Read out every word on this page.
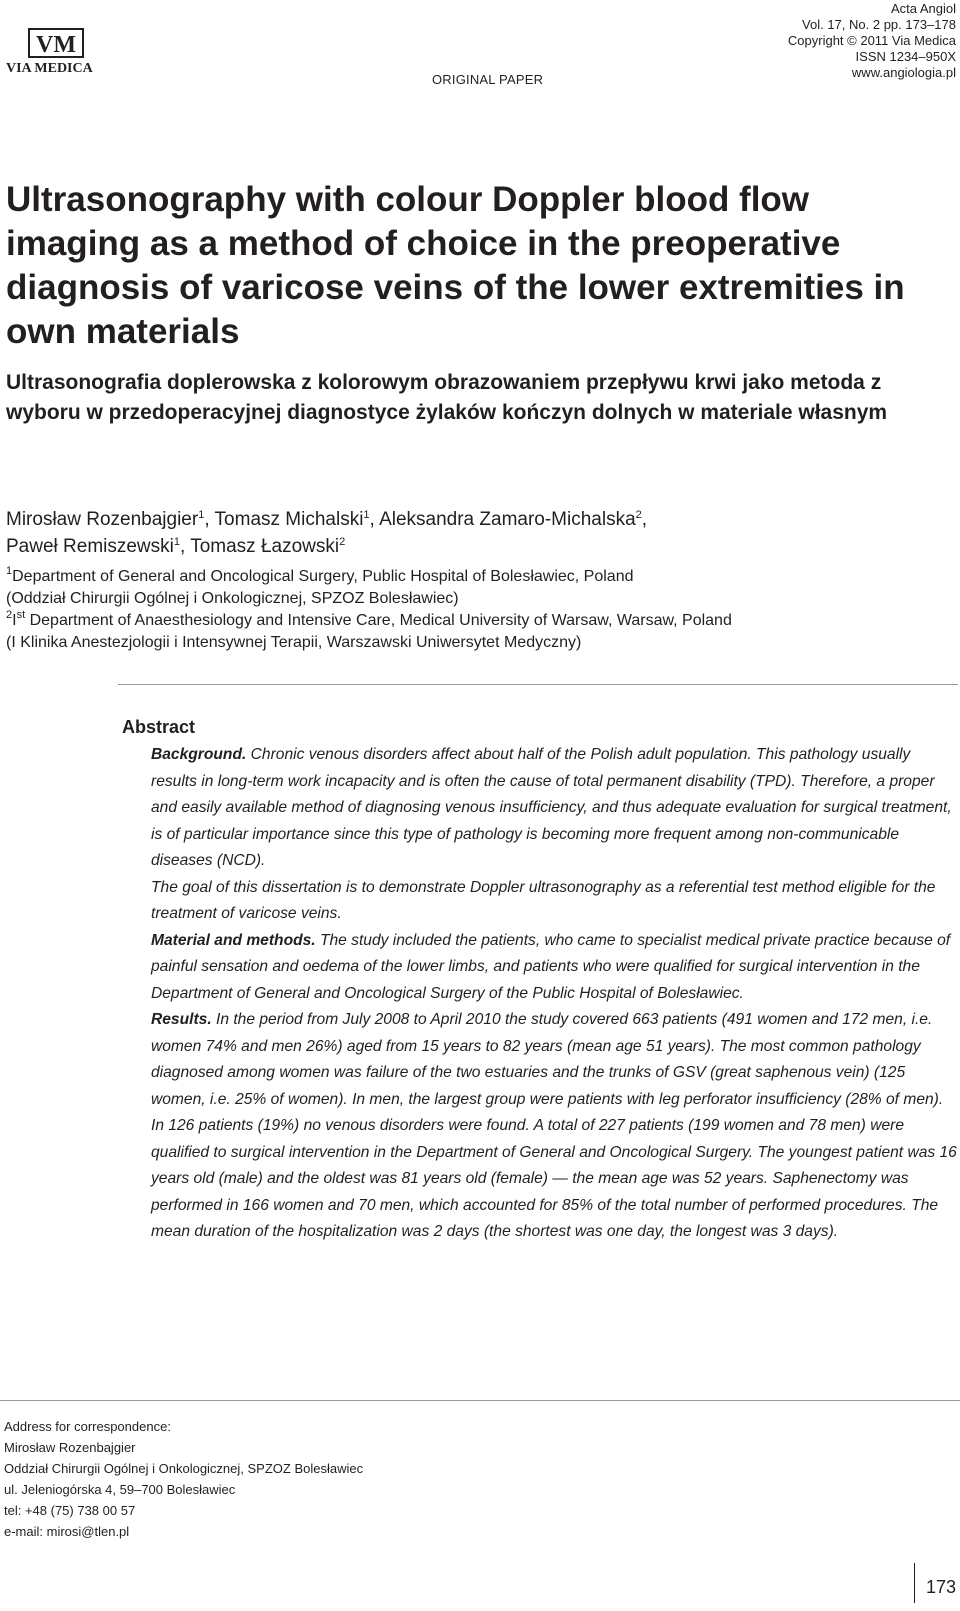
VM
VIA MEDICA
ORIGINAL PAPER
Acta Angiol
Vol. 17, No. 2 pp. 173–178
Copyright © 2011 Via Medica
ISSN 1234–950X
www.angiologia.pl
Ultrasonography with colour Doppler blood flow imaging as a method of choice in the preoperative diagnosis of varicose veins of the lower extremities in own materials
Ultrasonografia doplerowska z kolorowym obrazowaniem przepływu krwi jako metoda z wyboru w przedoperacyjnej diagnostyce żylaków kończyn dolnych w materiale własnym
Mirosław Rozenbajgier$^1$, Tomasz Michalski$^1$, Aleksandra Zamaro-Michalska$^2$,
Paweł Remiszewski$^1$, Tomasz Łazowski$^2$
$^1$Department of General and Oncological Surgery, Public Hospital of Bolesławiec, Poland
(Oddział Chirurgii Ogólnej i Onkologicznej, SPZOZ Bolesławiec)
$^2$Ist Department of Anaesthesiology and Intensive Care, Medical University of Warsaw, Warsaw, Poland
(I Klinika Anestezjologii i Intensywnej Terapii, Warszawski Uniwersytet Medyczny)
Abstract

Background. Chronic venous disorders affect about half of the Polish adult population. This pathology usually results in long-term work incapacity and is often the cause of total permanent disability (TPD). Therefore, a proper and easily available method of diagnosing venous insufficiency, and thus adequate evaluation for surgical treatment, is of particular importance since this type of pathology is becoming more frequent among non-communicable diseases (NCD).

The goal of this dissertation is to demonstrate Doppler ultrasonography as a referential test method eligible for the treatment of varicose veins.

Material and methods. The study included the patients, who came to specialist medical private practice because of painful sensation and oedema of the lower limbs, and patients who were qualified for surgical intervention in the Department of General and Oncological Surgery of the Public Hospital of Bolesławiec.

Results. In the period from July 2008 to April 2010 the study covered 663 patients (491 women and 172 men, i.e. women 74% and men 26%) aged from 15 years to 82 years (mean age 51 years). The most common pathology diagnosed among women was failure of the two estuaries and the trunks of GSV (great saphenous vein) (125 women, i.e. 25% of women). In men, the largest group were patients with leg perforator insufficiency (28% of men). In 126 patients (19%) no venous disorders were found. A total of 227 patients (199 women and 78 men) were qualified to surgical intervention in the Department of General and Oncological Surgery. The youngest patient was 16 years old (male) and the oldest was 81 years old (female) — the mean age was 52 years. Saphenectomy was performed in 166 women and 70 men, which accounted for 85% of the total number of performed procedures. The mean duration of the hospitalization was 2 days (the shortest was one day, the longest was 3 days).

Address for correspondence:
Mirosław Rozenbajgier
Oddział Chirurgii Ogólnej i Onkologicznej, SPZOZ Bolesławiec
ul. Jeleniogórska 4, 59–700 Bolesławiec
tel: +48 (75) 738 00 57
e-mail: mirosi@tlen.pl
173
